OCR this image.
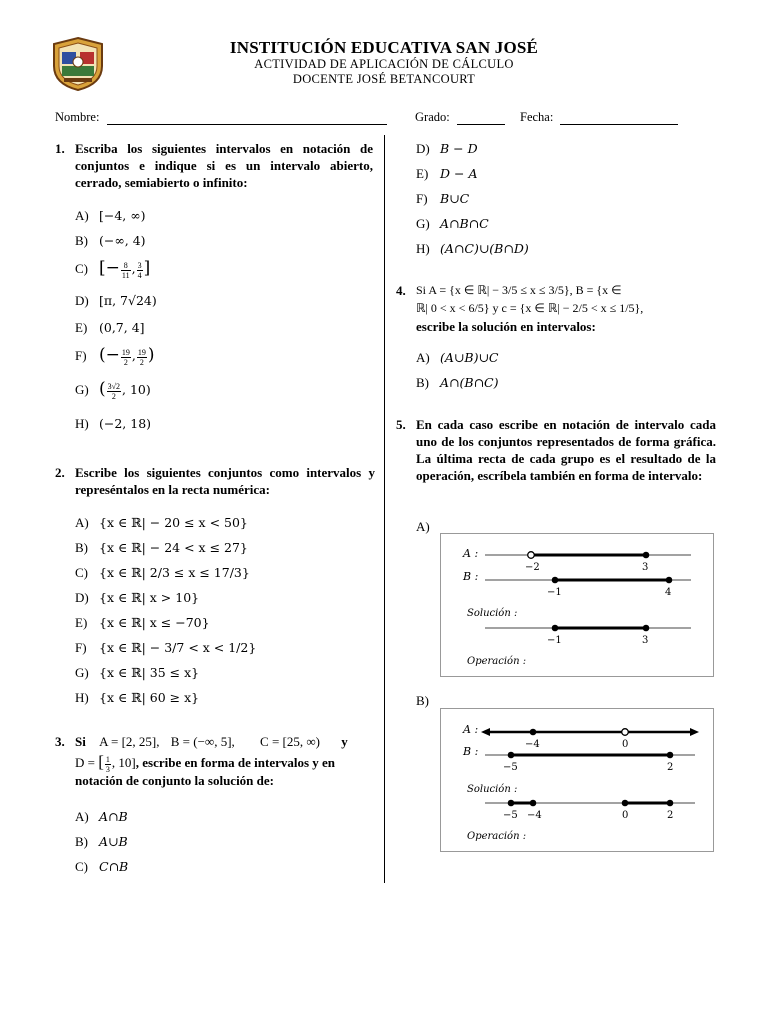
INSTITUCIÓN EDUCATIVA SAN JOSÉ
ACTIVIDAD DE APLICACIÓN DE CÁLCULO
DOCENTE JOSÉ BETANCOURT
Nombre:	Grado:	Fecha:
1. Escriba los siguientes intervalos en notación de conjuntos e indique si es un intervalo abierto, cerrado, semiabierto o infinito:
A) [−4, ∞)
B) (−∞, 4)
C) [− $\frac{8}{11}$ , $\frac{3}{4}$ ]
D) [π, 7√24)
E) (0,7, 4]
F) (− $\frac{19}{2}$ , $\frac{19}{2}$ )
G) ( $\frac{3√2}{2}$ , 10)
H) (−2, 18)
2. Escribe los siguientes conjuntos como intervalos y represéntalos en la recta numérica:
A) {x ∈ ℝ| − 20 ≤ x < 50}
B) {x ∈ ℝ| − 24 < x ≤ 27}
C) {x ∈ ℝ| 2/3 ≤ x ≤ 17/3}
D) {x ∈ ℝ| x > 10}
E) {x ∈ ℝ| x ≤ −70}
F) {x ∈ ℝ| − 3/7 < x < 1/2}
G) {x ∈ ℝ| 35 ≤ x}
H) {x ∈ ℝ| 60 ≥ x}
3. Si A = [2, 25], B = (−∞, 5], C = [25, ∞) y
D = [ $\frac{1}{3}$ , 10], escribe en forma de intervalos y en
notación de conjunto la solución de:
A) A∩B
B) A∪B
C) C∩B
D) B − D
E) D − A
F) B∪C
G) A∩B∩C
H) (A∩C)∪(B∩D)
4. Si A = {x ∈ ℝ| − 3/5 ≤ x ≤ 3/5}, B = {x ∈
ℝ| 0 < x < 6/5} y c = {x ∈ ℝ| − 2/5 < x ≤ 1/5},
escribe la solución en intervalos:
A) (A∪B)∪C
B) A∩(B∩C)
5. En cada caso escribe en notación de intervalo cada uno de los conjuntos representados de forma gráfica. La última recta de cada grupo es el resultado de la operación, escríbela también en forma de intervalo:
A)
B)
A :
−2	3
B :
−1	4
Solución :
−1	3
Operación :
A :
−4	0
B :
−5	2
Solución :
−5 −4	0	2
Operación :
